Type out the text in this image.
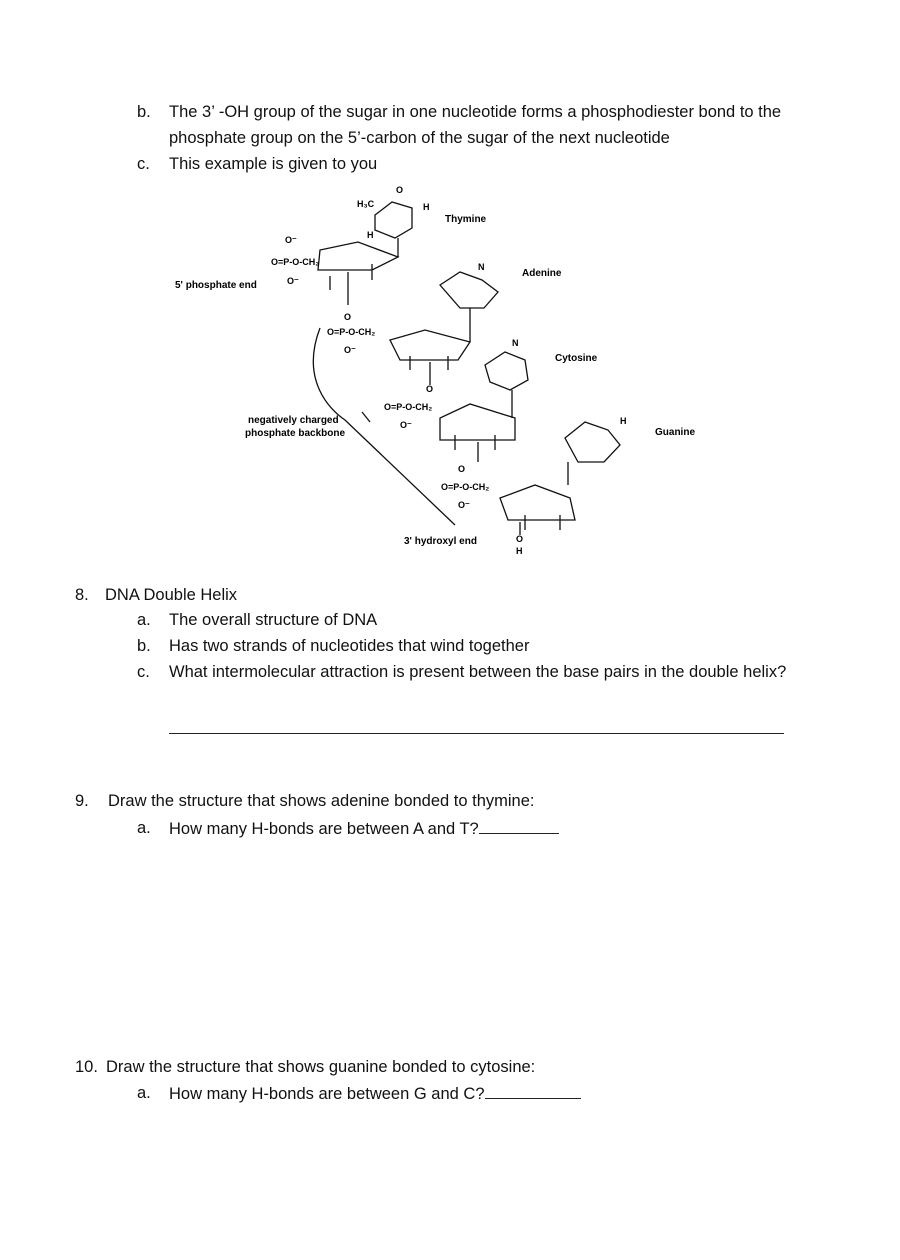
b. The 3’ -OH group of the sugar in one nucleotide forms a phosphodiester bond to the
phosphate group on the 5’-carbon of the sugar of the next nucleotide
c. This example is given to you
Thymine
Adenine
Cytosine
Guanine
5' phosphate end
negatively charged
phosphate backbone
3' hydroxyl end
H₃C	H
H
O
O⁻
O=P-O-CH₂
O⁻
O
O=P-O-CH₂
O⁻
O
O=P-O-CH₂
O⁻
O
O=P-O-CH₂
O⁻
O
H
N
N
H
8. DNA Double Helix
a. The overall structure of DNA
b. Has two strands of nucleotides that wind together
c. What intermolecular attraction is present between the base pairs in the double helix?
9. Draw the structure that shows adenine bonded to thymine:
a. How many H-bonds are between A and T?
10. Draw the structure that shows guanine bonded to cytosine:
a. How many H-bonds are between G and C?
